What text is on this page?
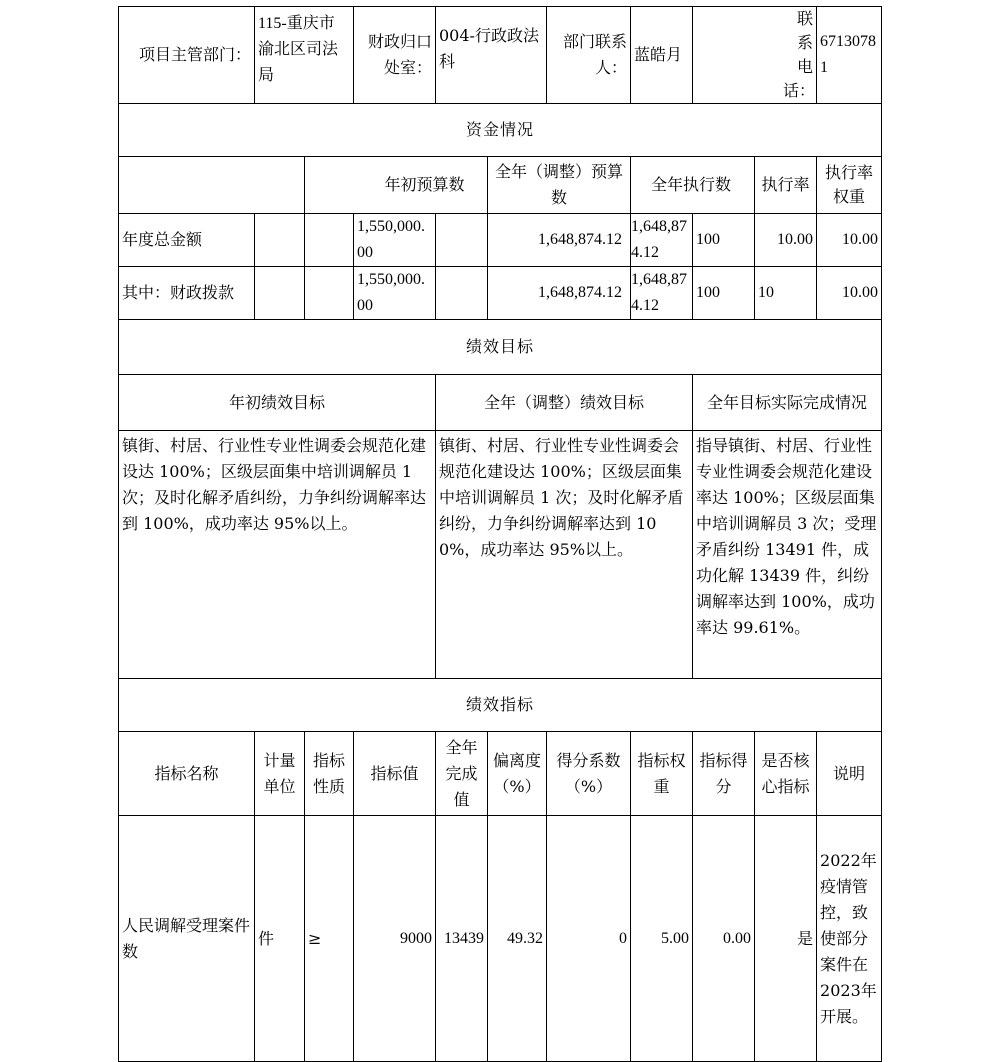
项目主管部门：	115-重庆市渝北区司法局		财政归口处室：	004-行政政法科		部门联系人：	蓝皓月	联系电话：		67130781
资金情况										
		年初预算数			全年（调整）预算数		全年执行数		执行率	执行率权重
年度总金额			1,550,000.00		1,648,874.12		1,648,874.12	100	10.00	10.00
其中：财政拨款			1,550,000.00		1,648,874.12		1,648,874.12	100	10	10.00
绩效目标										
年初绩效目标				全年（调整）绩效目标				全年目标实际完成情况		
镇街、村居、行业性专业性调委会规范化建设达 100%；区级层面集中培训调解员 1 次；及时化解矛盾纠纷，力争纠纷调解率达到 100%，成功率达 95%以上。				镇街、村居、行业性专业性调委会规范化建设达 100%；区级层面集中培训调解员 1 次；及时化解矛盾纠纷，力争纠纷调解率达到 100%，成功率达 95%以上。				指导镇街、村居、行业性专业性调委会规范化建设率达 100%；区级层面集中培训调解员 3 次；受理矛盾纠纷 13491 件，成功化解 13439 件，纠纷调解率达到 100%，成功率达 99.61%。		
绩效指标										
指标名称	计量单位	指标性质	指标值	全年完成值	偏离度（%）	得分系数（%）	指标权重	指标得分	是否核心指标	说明
人民调解受理案件数	件	≥	9000	13439	49.32	0	5.00	0.00	是	2022年疫情管控，致使部分案件在2023年开展。
